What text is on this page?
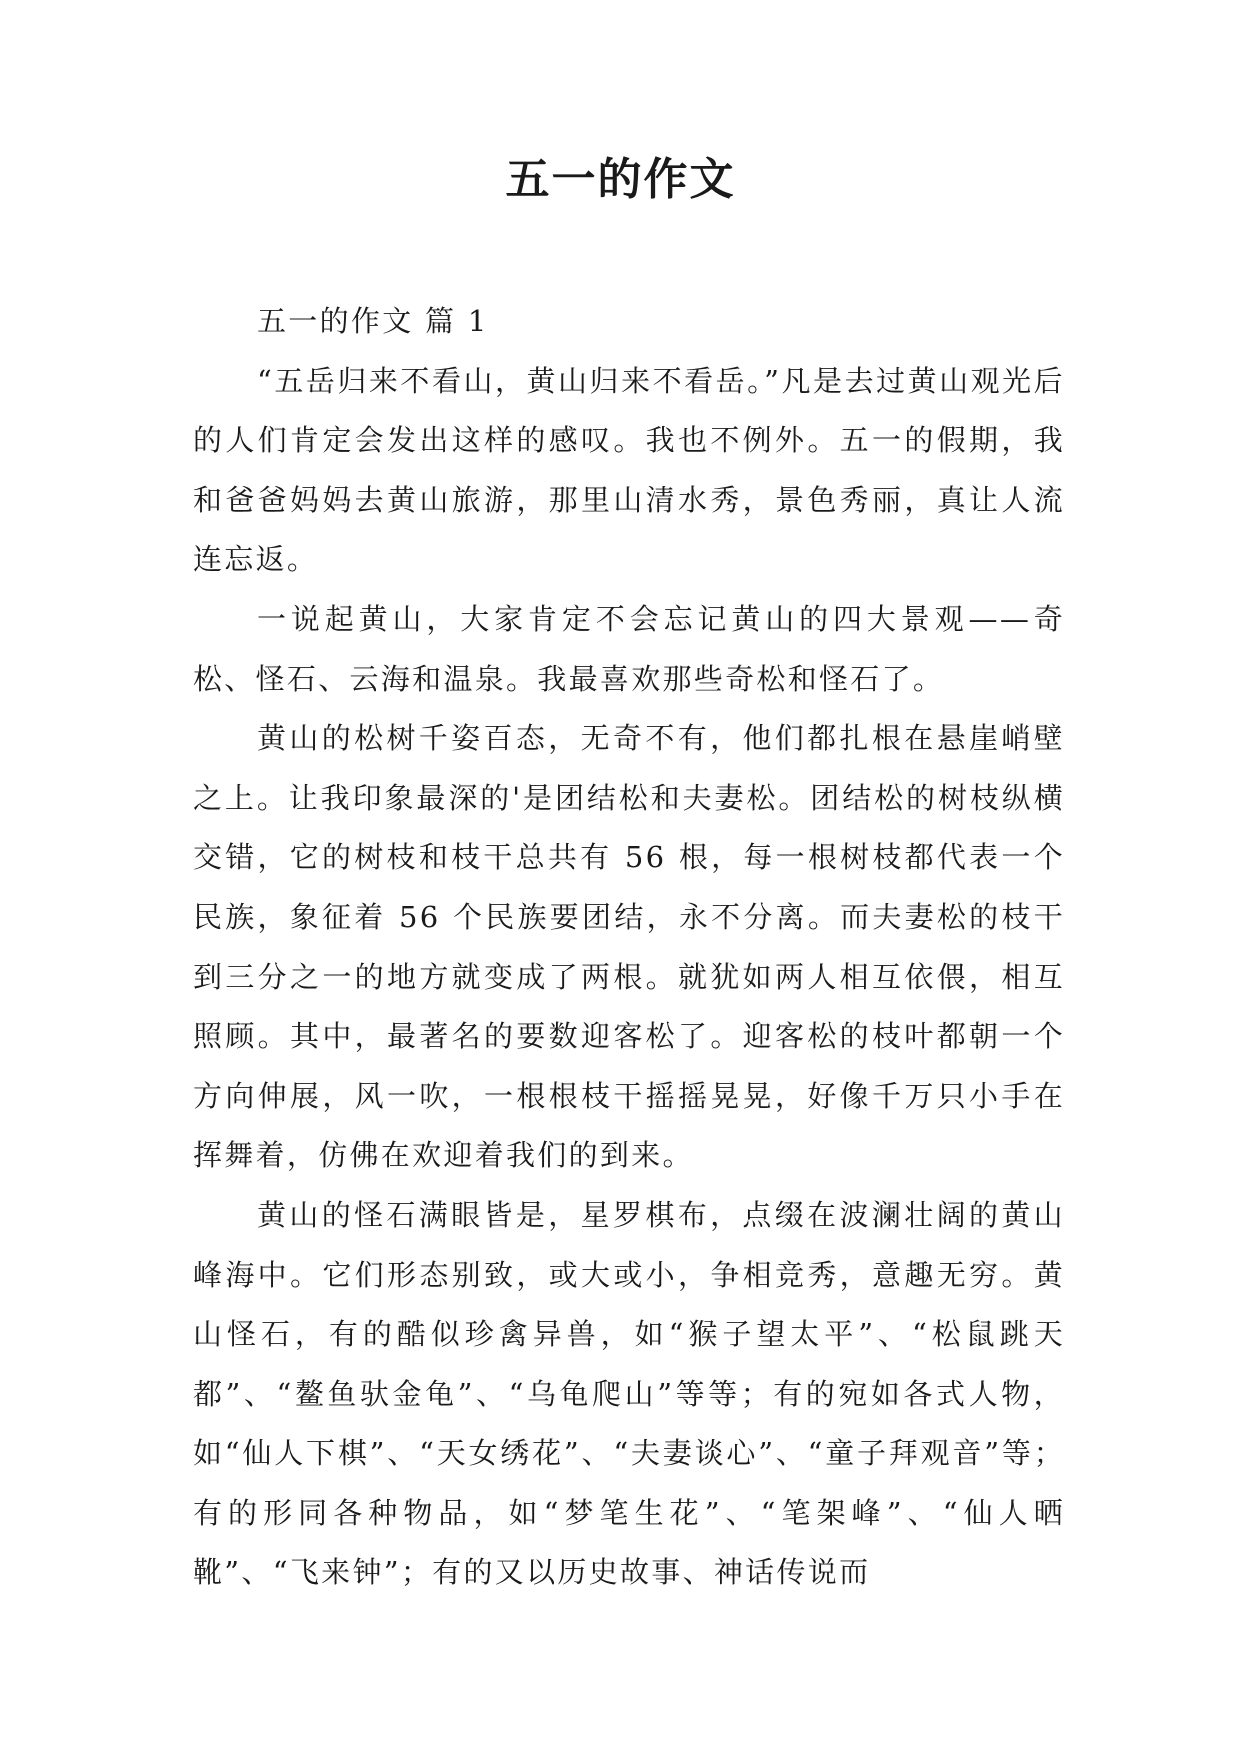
五一的作文

五一的作文 篇 1

“五岳归来不看山，黄山归来不看岳。”凡是去过黄山观光后的人们肯定会发出这样的感叹。我也不例外。五一的假期，我和爸爸妈妈去黄山旅游，那里山清水秀，景色秀丽，真让人流连忘返。

一说起黄山，大家肯定不会忘记黄山的四大景观——奇松、怪石、云海和温泉。我最喜欢那些奇松和怪石了。

黄山的松树千姿百态，无奇不有，他们都扎根在悬崖峭壁之上。让我印象最深的'是团结松和夫妻松。团结松的树枝纵横交错，它的树枝和枝干总共有 56 根，每一根树枝都代表一个民族，象征着 56 个民族要团结，永不分离。而夫妻松的枝干到三分之一的地方就变成了两根。就犹如两人相互依偎，相互照顾。其中，最著名的要数迎客松了。迎客松的枝叶都朝一个方向伸展，风一吹，一根根枝干摇摇晃晃，好像千万只小手在挥舞着，仿佛在欢迎着我们的到来。

黄山的怪石满眼皆是，星罗棋布，点缀在波澜壮阔的黄山峰海中。它们形态别致，或大或小，争相竞秀，意趣无穷。黄山怪石，有的酷似珍禽异兽，如“猴子望太平”、“松鼠跳天都”、“鳌鱼驮金龟”、“乌龟爬山”等等；有的宛如各式人物，如“仙人下棋”、“天女绣花”、“夫妻谈心”、“童子拜观音”等；有的形同各种物品，如“梦笔生花”、“笔架峰”、“仙人晒靴”、“飞来钟”；有的又以历史故事、神话传说而
